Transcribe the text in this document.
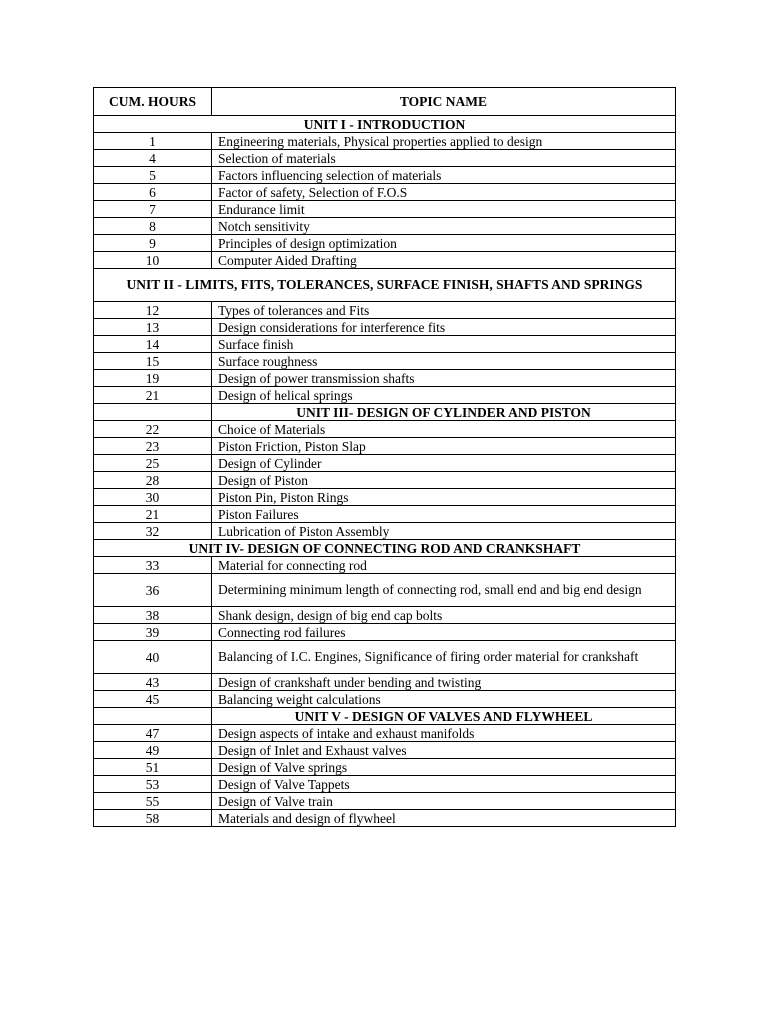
CUM. HOURS	TOPIC NAME
UNIT I - INTRODUCTION	
1	Engineering materials, Physical properties applied to design
4	Selection of materials
5	Factors influencing selection of materials
6	Factor of safety, Selection of F.O.S
7	Endurance limit
8	Notch sensitivity
9	Principles of design optimization
10	Computer Aided Drafting
UNIT II - LIMITS, FITS, TOLERANCES, SURFACE FINISH, SHAFTS AND SPRINGS	
12	Types of tolerances and Fits
13	Design considerations for interference fits
14	Surface finish
15	Surface roughness
19	Design of power transmission shafts
21	Design of helical springs
	UNIT III- DESIGN OF CYLINDER AND PISTON
22	Choice of Materials
23	Piston Friction, Piston Slap
25	Design of Cylinder
28	Design of Piston
30	Piston Pin, Piston Rings
21	Piston Failures
32	Lubrication of Piston Assembly
UNIT IV- DESIGN OF CONNECTING ROD AND CRANKSHAFT	
33	Material for connecting rod
36	Determining minimum length of connecting rod, small end and big end design
38	Shank design, design of big end cap bolts
39	Connecting rod failures
40	Balancing of I.C. Engines, Significance of firing order material for crankshaft
43	Design of crankshaft under bending and twisting
45	Balancing weight calculations
	UNIT V - DESIGN OF VALVES AND FLYWHEEL
47	Design aspects of intake and exhaust manifolds
49	Design of Inlet and Exhaust valves
51	Design of Valve springs
53	Design of Valve Tappets
55	Design of Valve train
58	Materials and design of flywheel
